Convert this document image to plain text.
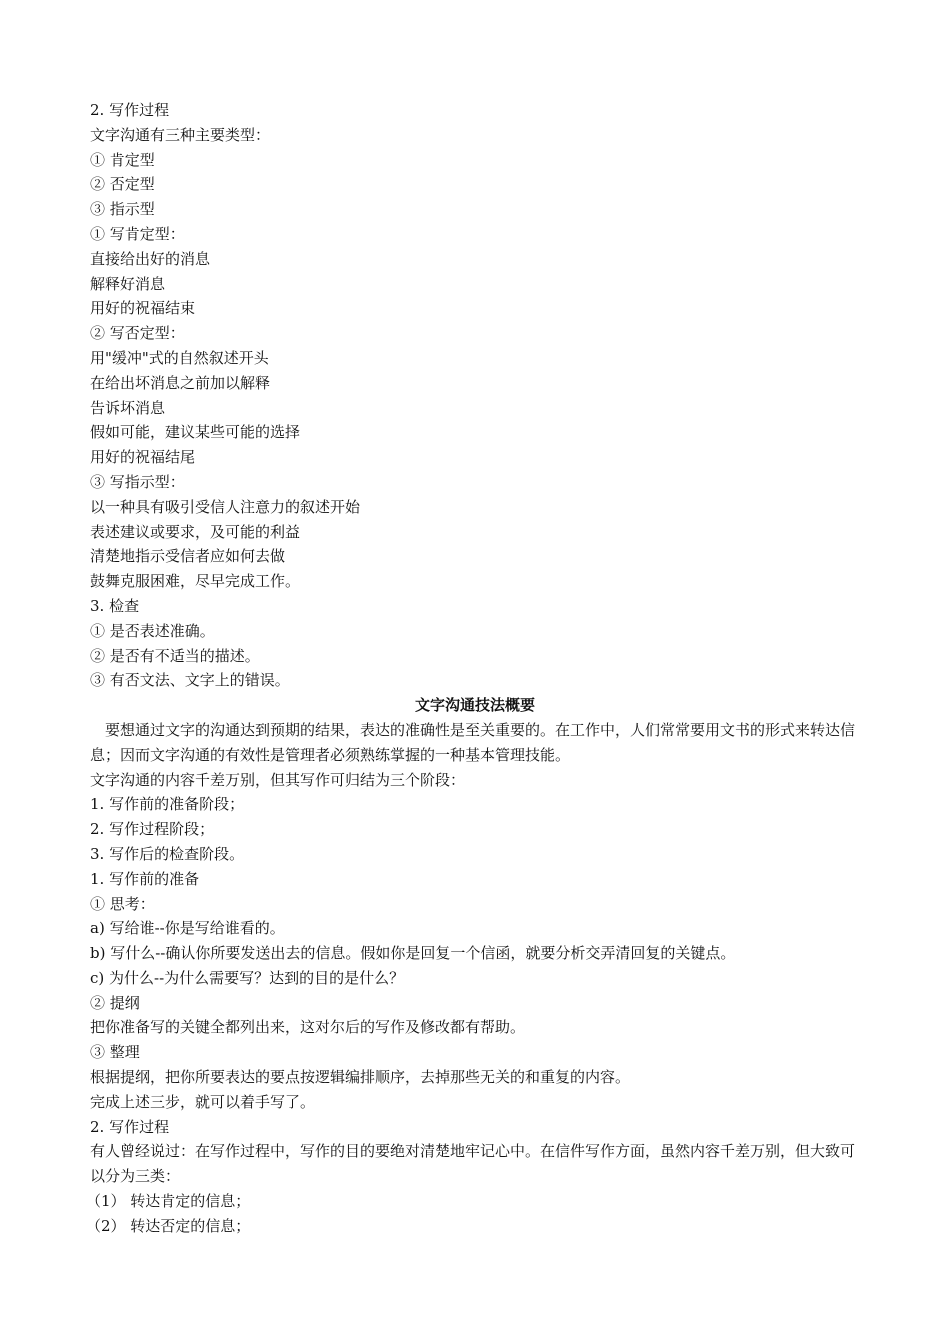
2. 写作过程
文字沟通有三种主要类型：
① 肯定型
② 否定型
③ 指示型
① 写肯定型：
直接给出好的消息
解释好消息
用好的祝福结束
② 写否定型：
用"缓冲"式的自然叙述开头
在给出坏消息之前加以解释
告诉坏消息
假如可能，建议某些可能的选择
用好的祝福结尾
③ 写指示型：
以一种具有吸引受信人注意力的叙述开始
表述建议或要求，及可能的利益
清楚地指示受信者应如何去做
鼓舞克服困难，尽早完成工作。
3. 检查
① 是否表述准确。
② 是否有不适当的描述。
③ 有否文法、文字上的错误。
文字沟通技法概要
要想通过文字的沟通达到预期的结果，表达的准确性是至关重要的。在工作中，人们常常要用文书的形式来转达信息；因而文字沟通的有效性是管理者必须熟练掌握的一种基本管理技能。
文字沟通的内容千差万别，但其写作可归结为三个阶段：
1. 写作前的准备阶段；
2. 写作过程阶段；
3. 写作后的检查阶段。
1. 写作前的准备
① 思考：
a) 写给谁--你是写给谁看的。
b) 写什么--确认你所要发送出去的信息。假如你是回复一个信函，就要分析交弄清回复的关键点。
c) 为什么--为什么需要写？达到的目的是什么？
② 提纲
把你准备写的关键全都列出来，这对尔后的写作及修改都有帮助。
③ 整理
根据提纲，把你所要表达的要点按逻辑编排顺序，去掉那些无关的和重复的内容。
完成上述三步，就可以着手写了。
2. 写作过程
有人曾经说过：在写作过程中，写作的目的要绝对清楚地牢记心中。在信件写作方面，虽然内容千差万别，但大致可以分为三类：
（1） 转达肯定的信息；
（2） 转达否定的信息；
